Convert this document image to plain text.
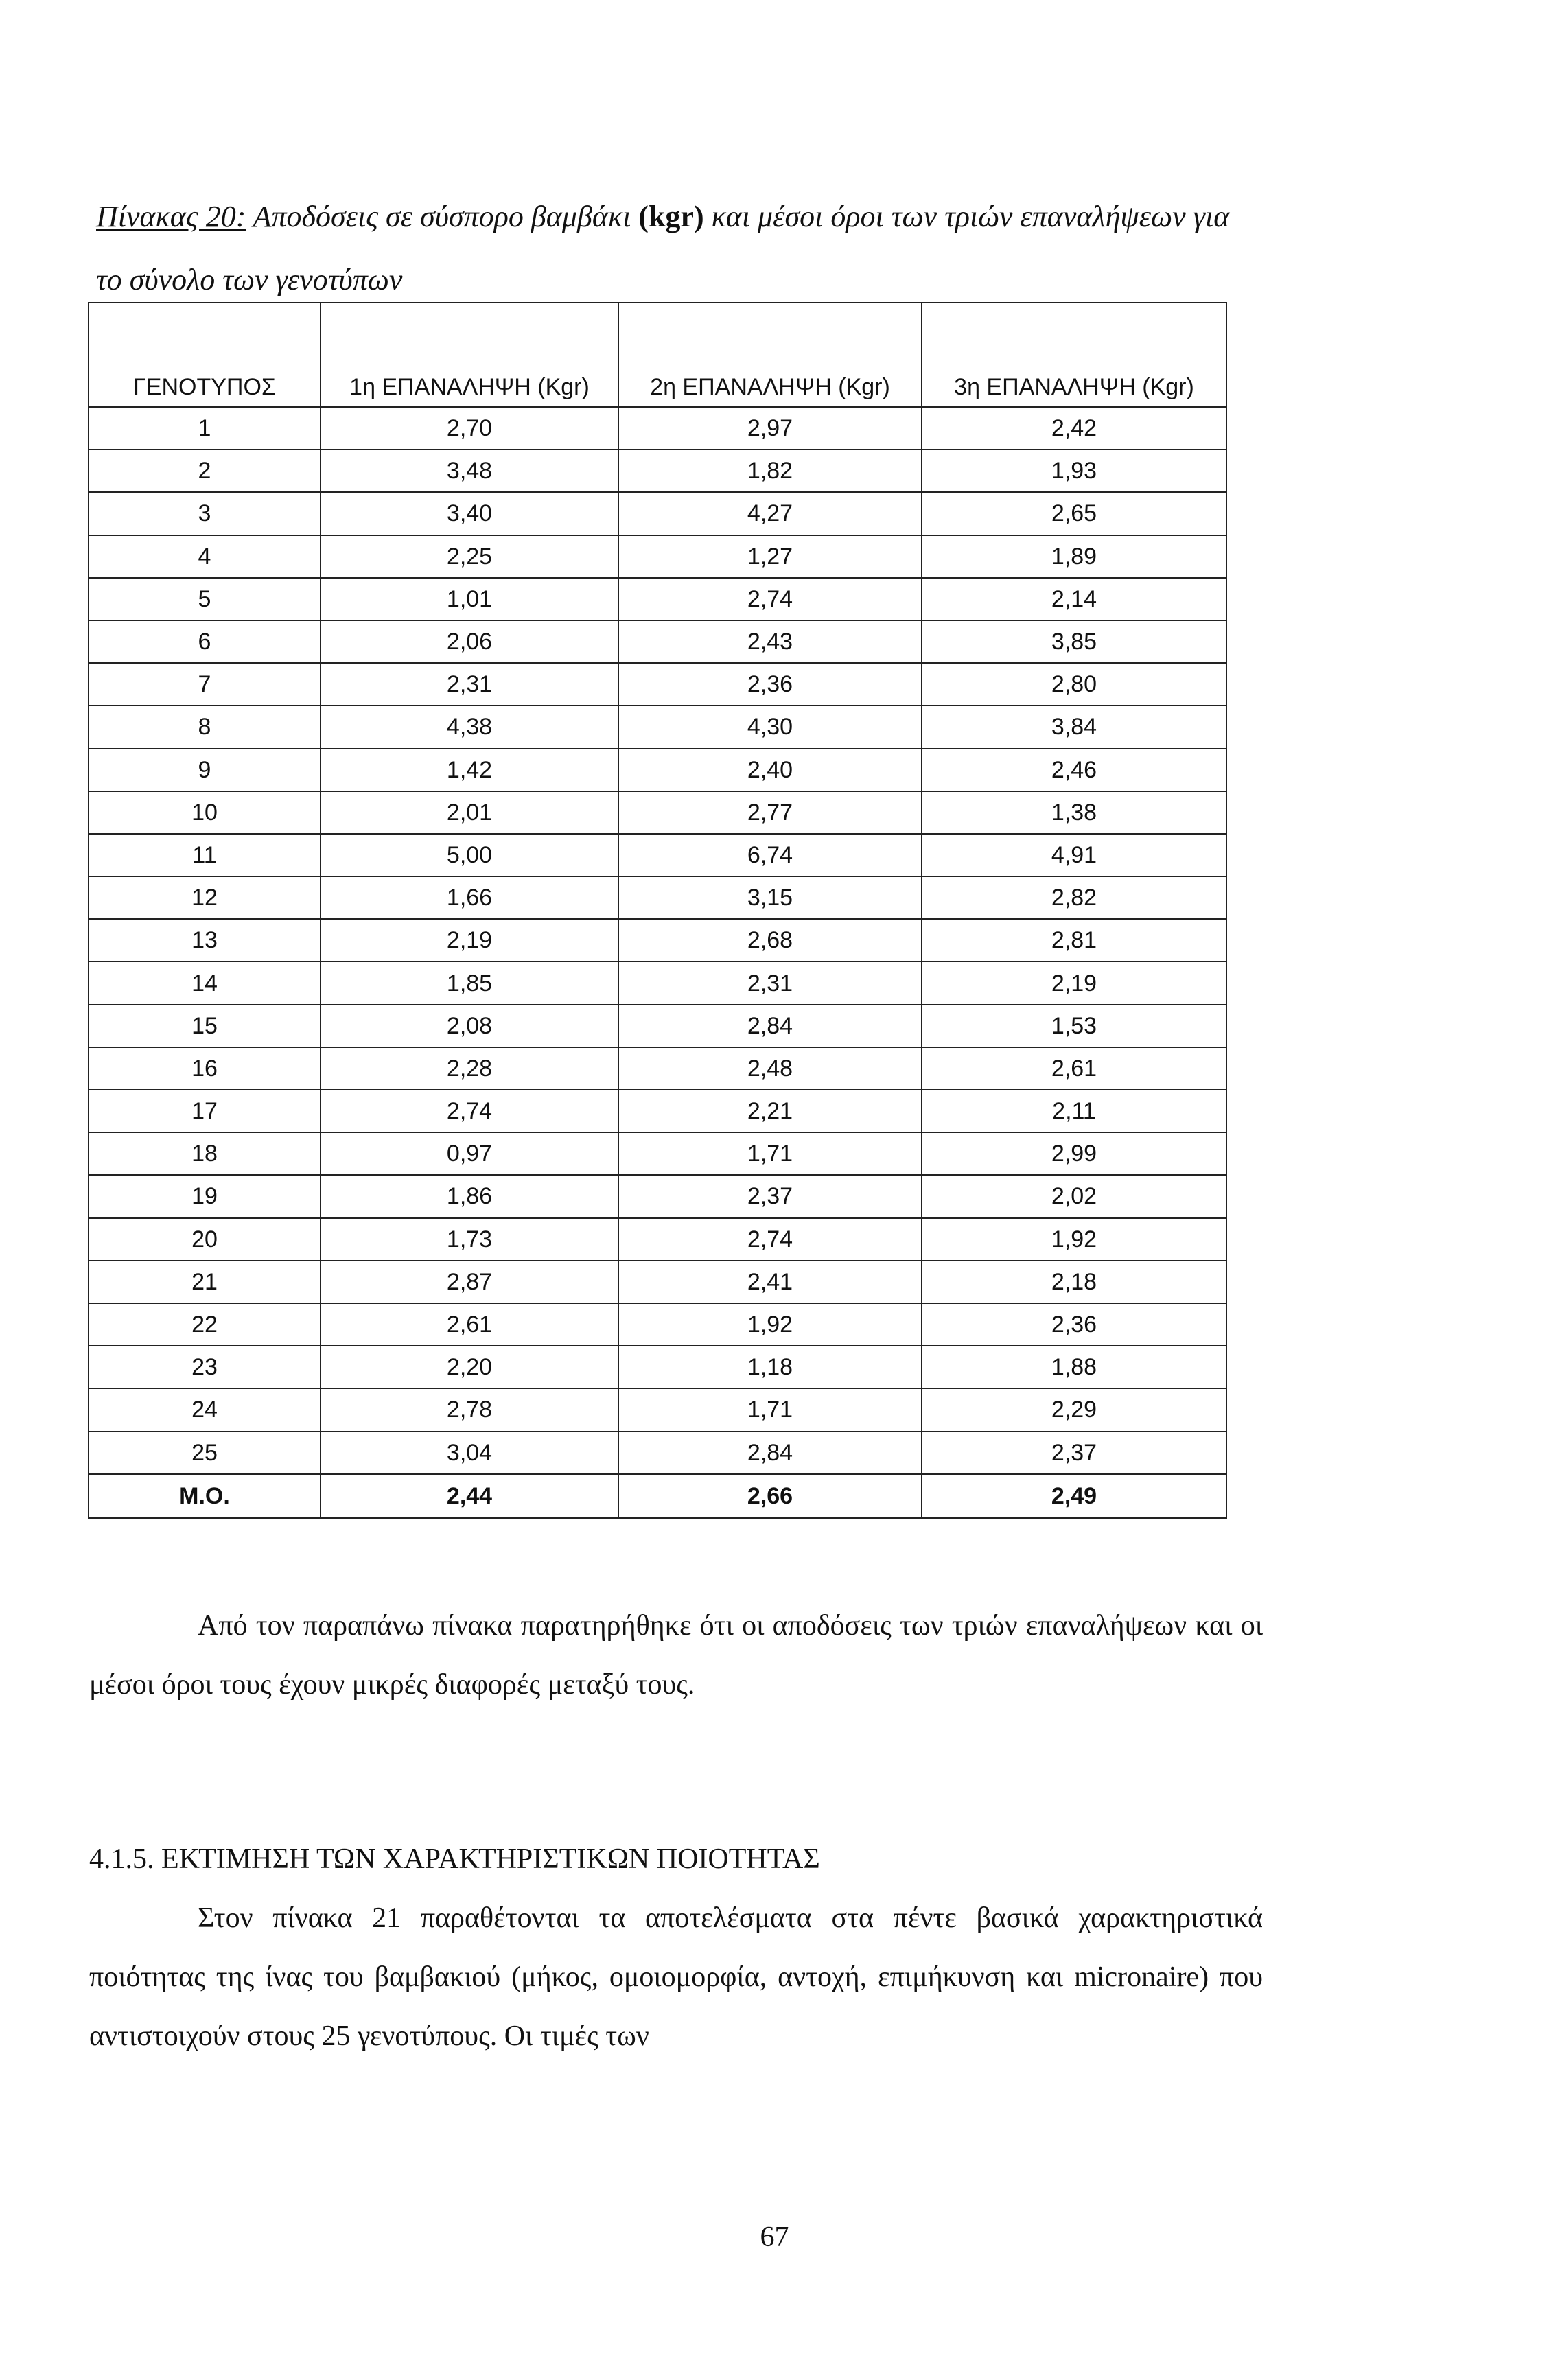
Πίνακας 20: Αποδόσεις σε σύσπορο βαμβάκι (kgr) και μέσοι όροι των τριών επαναλήψεων για το σύνολο των γενοτύπων
ΓΕΝΟΤΥΠΟΣ	1η ΕΠΑΝΑΛΗΨΗ (Kgr)	2η ΕΠΑΝΑΛΗΨΗ (Kgr)	3η ΕΠΑΝΑΛΗΨΗ (Kgr)
1	2,70	2,97	2,42
2	3,48	1,82	1,93
3	3,40	4,27	2,65
4	2,25	1,27	1,89
5	1,01	2,74	2,14
6	2,06	2,43	3,85
7	2,31	2,36	2,80
8	4,38	4,30	3,84
9	1,42	2,40	2,46
10	2,01	2,77	1,38
11	5,00	6,74	4,91
12	1,66	3,15	2,82
13	2,19	2,68	2,81
14	1,85	2,31	2,19
15	2,08	2,84	1,53
16	2,28	2,48	2,61
17	2,74	2,21	2,11
18	0,97	1,71	2,99
19	1,86	2,37	2,02
20	1,73	2,74	1,92
21	2,87	2,41	2,18
22	2,61	1,92	2,36
23	2,20	1,18	1,88
24	2,78	1,71	2,29
25	3,04	2,84	2,37
Μ.Ο.	2,44	2,66	2,49
Από τον παραπάνω πίνακα παρατηρήθηκε ότι οι αποδόσεις των τριών επαναλήψεων και οι μέσοι όροι τους έχουν μικρές διαφορές μεταξύ τους.
4.1.5. ΕΚΤΙΜΗΣΗ ΤΩΝ ΧΑΡΑΚΤΗΡΙΣΤΙΚΩΝ ΠΟΙΟΤΗΤΑΣ
Στον πίνακα 21 παραθέτονται τα αποτελέσματα στα πέντε βασικά χαρακτηριστικά ποιότητας της ίνας του βαμβακιού (μήκος, ομοιομορφία, αντοχή, επιμήκυνση και micronaire) που αντιστοιχούν στους 25 γενοτύπους. Οι τιμές των
67
